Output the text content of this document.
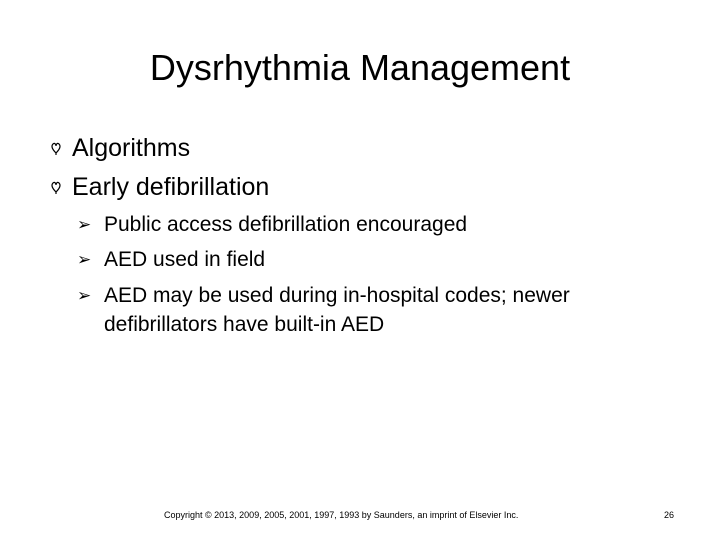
Dysrhythmia Management
Algorithms
Early defibrillation
➢ Public access defibrillation encouraged
➢ AED used in field
➢ AED may be used during in-hospital codes; newer defibrillators have built-in AED
Copyright © 2013, 2009, 2005, 2001, 1997, 1993 by Saunders, an imprint of Elsevier Inc.	26
